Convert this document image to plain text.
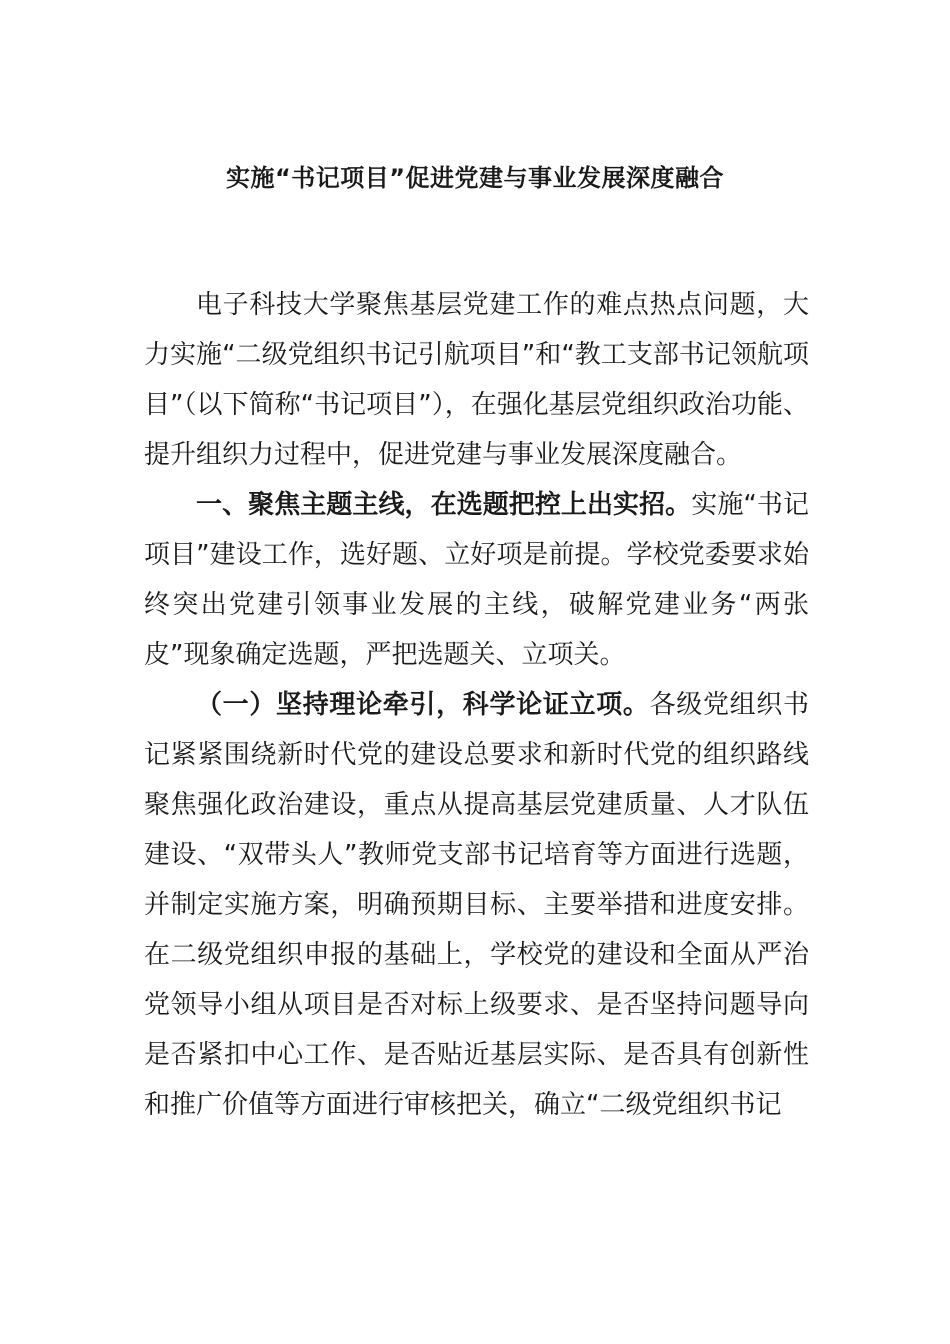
实施“书记项目”促进党建与事业发展深度融合

电子科技大学聚焦基层党建工作的难点热点问题，大力实施“二级党组织书记引航项目”和“教工支部书记领航项目”（以下简称“书记项目”），在强化基层党组织政治功能、提升组织力过程中，促进党建与事业发展深度融合。

一、聚焦主题主线，在选题把控上出实招。实施“书记项目”建设工作，选好题、立好项是前提。学校党委要求始终突出党建引领事业发展的主线，破解党建业务“两张皮”现象确定选题，严把选题关、立项关。

（一）坚持理论牵引，科学论证立项。各级党组织书记紧紧围绕新时代党的建设总要求和新时代党的组织路线聚焦强化政治建设，重点从提高基层党建质量、人才队伍建设、“双带头人”教师党支部书记培育等方面进行选题，并制定实施方案，明确预期目标、主要举措和进度安排。在二级党组织申报的基础上，学校党的建设和全面从严治党领导小组从项目是否对标上级要求、是否坚持问题导向是否紧扣中心工作、是否贴近基层实际、是否具有创新性和推广价值等方面进行审核把关，确立“二级党组织书记
